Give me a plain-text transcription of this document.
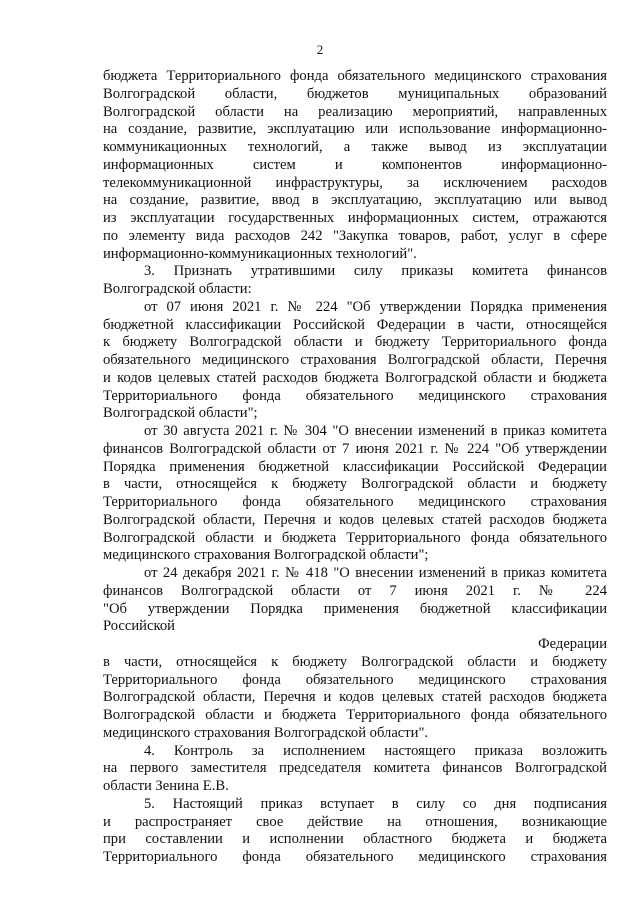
2
бюджета Территориального фонда обязательного медицинского страхования
Волгоградской области, бюджетов муниципальных образований
Волгоградской области на реализацию мероприятий, направленных
на создание, развитие, эксплуатацию или использование информационно-
коммуникационных технологий, а также вывод из эксплуатации
информационных систем и компонентов информационно-
телекоммуникационной инфраструктуры, за исключением расходов
на создание, развитие, ввод в эксплуатацию, эксплуатацию или вывод
из эксплуатации государственных информационных систем, отражаются
по элементу вида расходов 242 "Закупка товаров, работ, услуг в сфере
информационно-коммуникационных технологий".
3. Признать утратившими силу приказы комитета финансов
Волгоградской области:
от 07 июня 2021 г. № 224 "Об утверждении Порядка применения
бюджетной классификации Российской Федерации в части, относящейся
к бюджету Волгоградской области и бюджету Территориального фонда
обязательного медицинского страхования Волгоградской области, Перечня
и кодов целевых статей расходов бюджета Волгоградской области и бюджета
Территориального фонда обязательного медицинского страхования
Волгоградской области";
от 30 августа 2021 г. № 304 "О внесении изменений в приказ комитета
финансов Волгоградской области от 7 июня 2021 г. № 224 "Об утверждении
Порядка применения бюджетной классификации Российской Федерации
в части, относящейся к бюджету Волгоградской области и бюджету
Территориального фонда обязательного медицинского страхования
Волгоградской области, Перечня и кодов целевых статей расходов бюджета
Волгоградской области и бюджета Территориального фонда обязательного
медицинского страхования Волгоградской области";
от 24 декабря 2021 г. № 418 "О внесении изменений в приказ комитета
финансов Волгоградской области от 7 июня 2021 г. № 224
"Об утверждении Порядка применения бюджетной классификации
Российской
Федерации
в части, относящейся к бюджету Волгоградской области и бюджету
Территориального фонда обязательного медицинского страхования
Волгоградской области, Перечня и кодов целевых статей расходов бюджета
Волгоградской области и бюджета Территориального фонда обязательного
медицинского страхования Волгоградской области".
4. Контроль за исполнением настоящего приказа возложить
на первого заместителя председателя комитета финансов Волгоградской
области Зенина Е.В.
5. Настоящий приказ вступает в силу со дня подписания
и распространяет свое действие на отношения, возникающие
при составлении и исполнении областного бюджета и бюджета
Территориального фонда обязательного медицинского страхования
